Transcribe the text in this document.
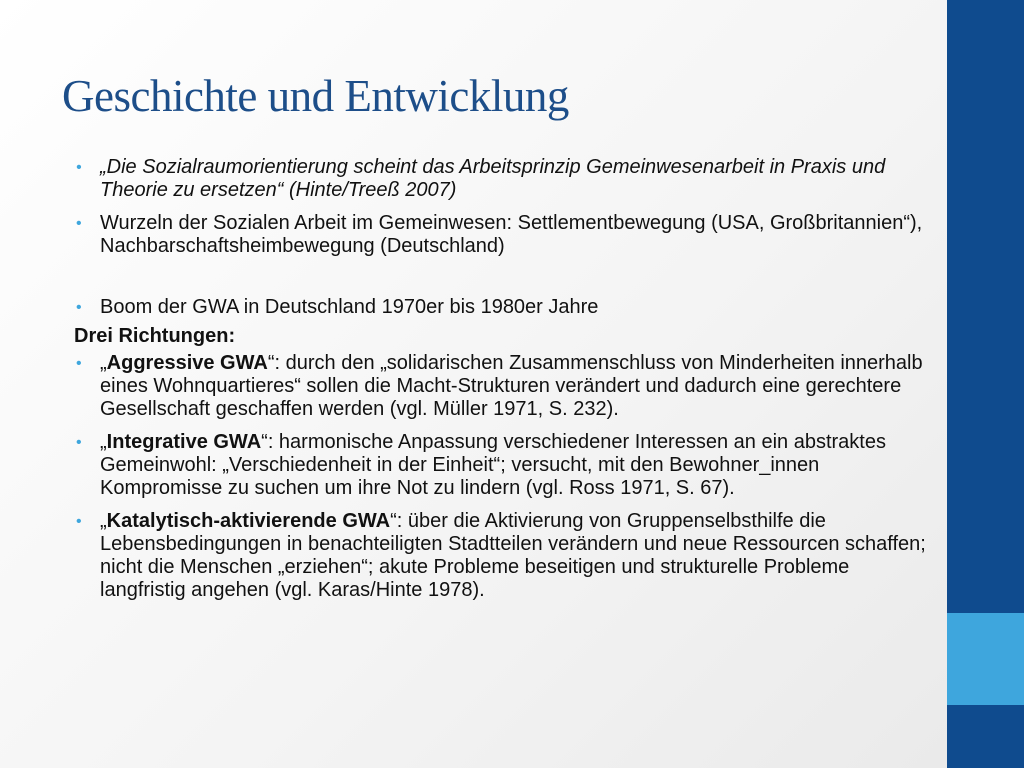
Geschichte und Entwicklung

• „Die Sozialraumorientierung scheint das Arbeitsprinzip Gemeinwesenarbeit in Praxis und Theorie zu ersetzen“ (Hinte/Treeß 2007)

• Wurzeln der Sozialen Arbeit im Gemeinwesen: Settlementbewegung (USA, Großbritannien“), Nachbarschaftsheimbewegung (Deutschland)

• Boom der GWA in Deutschland 1970er bis 1980er Jahre

Drei Richtungen:

• „Aggressive GWA“: durch den „solidarischen Zusammenschluss von Minderheiten innerhalb eines Wohnquartieres“ sollen die Macht-Strukturen verändert und dadurch eine gerechtere Gesellschaft geschaffen werden (vgl. Müller 1971, S. 232).

• „Integrative GWA“: harmonische Anpassung verschiedener Interessen an ein abstraktes Gemeinwohl: „Verschiedenheit in der Einheit“; versucht, mit den Bewohner_innen Kompromisse zu suchen um ihre Not zu lindern (vgl. Ross 1971, S. 67).

• „Katalytisch-aktivierende GWA“: über die Aktivierung von Gruppenselbsthilfe die Lebensbedingungen in benachteiligten Stadtteilen verändern und neue Ressourcen schaffen; nicht die Menschen „erziehen“; akute Probleme beseitigen und strukturelle Probleme langfristig angehen (vgl. Karas/Hinte 1978).
